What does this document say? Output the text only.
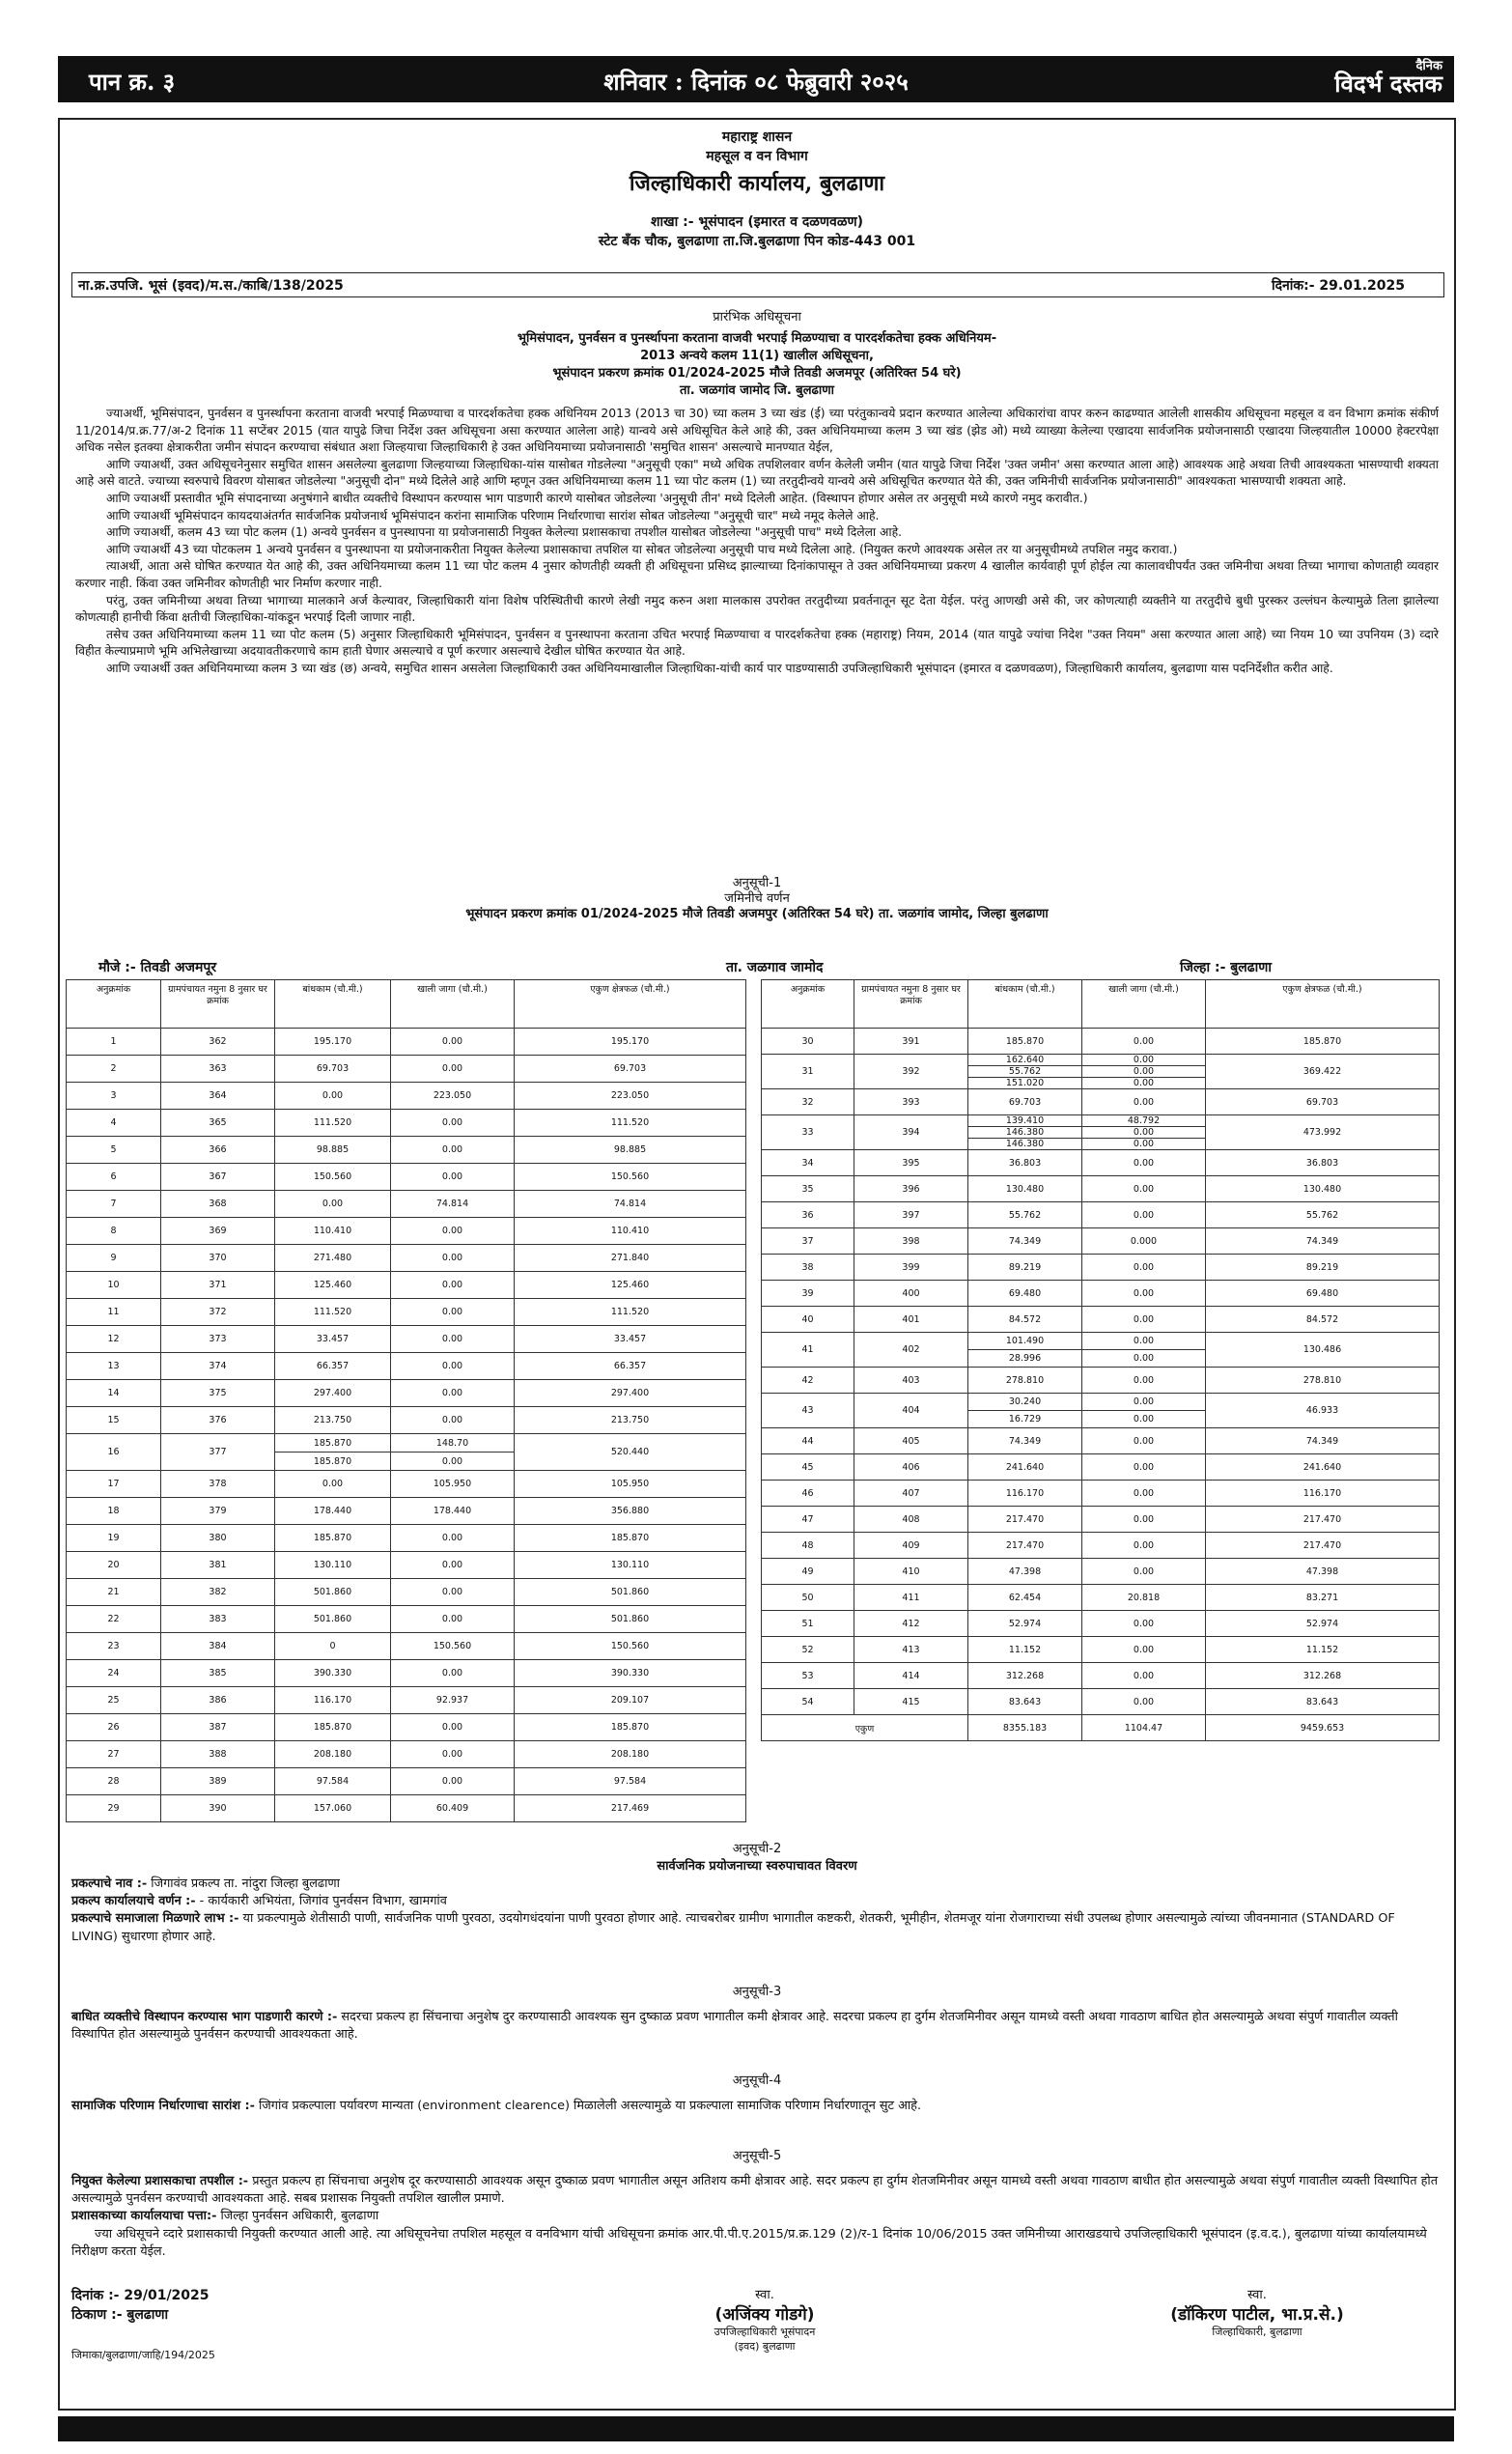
पान क्र. ३	शनिवार : दिनांक ०८ फेब्रुवारी २०२५
दैनिक
विदर्भ दस्तक
महाराष्ट्र शासन
महसूल व वन विभाग
जिल्हाधिकारी कार्यालय, बुलढाणा
शाखा :- भूसंपादन (इमारत व दळणवळण)
स्टेट बँक चौक, बुलढाणा ता.जि.बुलढाणा पिन कोड-443 001
ना.क्र.उपजि. भूसं (इवद)/म.स./काबि/138/2025	दिनांक:- 29.01.2025
प्रारंभिक अधिसूचना
भूमिसंपादन, पुनर्वसन व पुनर्स्थापना करताना वाजवी भरपाई मिळण्याचा व पारदर्शकतेचा हक्क अधिनियम-
2013 अन्वये कलम 11(1) खालील अधिसूचना,
भूसंपादन प्रकरण क्रमांक 01/2024-2025 मौजे तिवडी अजमपूर (अतिरिक्त 54 घरे)
ता. जळगांव जामोद जि. बुलढाणा

ज्याअर्थी, भूमिसंपादन, पुनर्वसन व पुनर्स्थापना करताना वाजवी भरपाई मिळण्याचा व पारदर्शकतेचा हक्क अधिनियम 2013 (2013 चा 30) च्या कलम 3 च्या खंड (ई) च्या परंतुकान्वये प्रदान करण्यात आलेल्या अधिकारांचा वापर करुन काढण्यात आलेली शासकीय अधिसूचना महसूल व वन विभाग क्रमांक संकीर्ण 11/2014/प्र.क्र.77/अ-2 दिनांक 11 सप्टेंबर 2015 (यात यापुढे जिचा निर्देश उक्त अधिसूचना असा करण्यात आलेला आहे) यान्वये असे अधिसूचित केले आहे की, उक्त अधिनियमाच्या कलम 3 च्या खंड (झेड ओ) मध्ये व्याख्या केलेल्या एखादया सार्वजनिक प्रयोजनासाठी एखादया जिल्हयातील 10000 हेक्टरपेक्षा अधिक नसेल इतक्या क्षेत्राकरीता जमीन संपादन करण्याचा संबंधात अशा जिल्हयाचा जिल्हाधिकारी हे उक्त अधिनियमाच्या प्रयोजनासाठी 'समुचित शासन' असल्याचे मानण्यात येईल,

आणि ज्याअर्थी, उक्त अधिसूचनेनुसार समुचित शासन असलेल्या बुलढाणा जिल्हयाच्या जिल्हाधिका-यांस यासोबत गोडलेल्या "अनुसूची एका" मध्ये अधिक तपशिलवार वर्णन केलेली जमीन (यात यापुढे जिचा निर्देश 'उक्त जमीन' असा करण्यात आला आहे) आवश्यक आहे अथवा तिची आवश्यकता भासण्याची शक्यता आहे असे वाटते. ज्याच्या स्वरुपाचे विवरण योसाबत जोडलेल्या "अनुसूची दोन" मध्ये दिलेले आहे आणि म्हणून उक्त अधिनियमाच्या कलम 11 च्या पोट कलम (1) च्या तरतुदीन्वये यान्वये असे अधिसूचित करण्यात येते की, उक्त जमिनीची सार्वजनिक प्रयोजनासाठी" आवश्यकता भासण्याची शक्यता आहे.

आणि ज्याअर्थी प्रस्तावीत भूमि संपादनाच्या अनुषंगाने बाधीत व्यक्तीचे विस्थापन करण्यास भाग पाडणारी कारणे यासोबत जोडलेल्या 'अनुसूची तीन' मध्ये दिलेली आहेत. (विस्थापन होणार असेल तर अनुसूची मध्ये कारणे नमुद करावीत.)

आणि ज्याअर्थी भूमिसंपादन कायदयाअंतर्गत सार्वजनिक प्रयोजनार्थ भूमिसंपादन करांना सामाजिक परिणाम निर्धारणाचा सारांश सोबत जोडलेल्या "अनुसूची चार" मध्ये नमूद केलेले आहे.

आणि ज्याअर्थी, कलम 43 च्या पोट कलम (1) अन्वये पुनर्वसन व पुनस्थापना या प्रयोजनासाठी नियुक्त केलेल्या प्रशासकाचा तपशील यासोबत जोडलेल्या "अनुसूची पाच" मध्ये दिलेला आहे.

आणि ज्याअर्थी 43 च्या पोटकलम 1 अन्वये पुनर्वसन व पुनस्थापना या प्रयोजनाकरीता नियुक्त केलेल्या प्रशासकाचा तपशिल या सोबत जोडलेल्या अनुसूची पाच मध्ये दिलेला आहे. (नियुक्त करणे आवश्यक असेल तर या अनुसूचीमध्ये तपशिल नमुद करावा.)

त्याअर्थी, आता असे घोषित करण्यात येत आहे की, उक्त अधिनियमाच्या कलम 11 च्या पोट कलम 4 नुसार कोणतीही व्यक्ती ही अधिसूचना प्रसिध्द झाल्याच्या दिनांकापासून ते उक्त अधिनियमाच्या प्रकरण 4 खालील कार्यवाही पूर्ण होईल त्या कालावधीपर्यंत उक्त जमिनीचा अथवा तिच्या भागाचा कोणताही व्यवहार करणार नाही. किंवा उक्त जमिनीवर कोणतीही भार निर्माण करणार नाही.

परंतु, उक्त जमिनीच्या अथवा तिच्या भागाच्या मालकाने अर्ज केल्यावर, जिल्हाधिकारी यांना विशेष परिस्थितीची कारणे लेखी नमुद करुन अशा मालकास उपरोक्त तरतुदीच्या प्रवर्तनातून सूट देता येईल. परंतु आणखी असे की, जर कोणत्याही व्यक्तीने या तरतुदीचे बुधी पुरस्कर उल्लंघन केल्यामुळे तिला झालेल्या कोणत्याही हानीची किंवा क्षतीची जिल्हाधिका-यांकडून भरपाई दिली जाणार नाही.

तसेच उक्त अधिनियमाच्या कलम 11 च्या पोट कलम (5) अनुसार जिल्हाधिकारी भूमिसंपादन, पुनर्वसन व पुनस्थापना करताना उचित भरपाई मिळण्याचा व पारदर्शकतेचा हक्क (महाराष्ट्र) नियम, 2014 (यात यापुढे ज्यांचा निदेश "उक्त नियम" असा करण्यात आला आहे) च्या नियम 10 च्या उपनियम (3) व्दारे विहीत केल्याप्रमाणे भूमि अभिलेखाच्या अदयावतीकरणाचे काम हाती घेणार असल्याचे व पूर्ण करणार असल्याचे देखील घोषित करण्यात येत आहे.

आणि ज्याअर्थी उक्त अधिनियमाच्या कलम 3 च्या खंड (छ) अन्वये, समुचित शासन असलेला जिल्हाधिकारी उक्त अधिनियमाखालील जिल्हाधिका-यांची कार्य पार पाडण्यासाठी उपजिल्हाधिकारी भूसंपादन (इमारत व दळणवळण), जिल्हाधिकारी कार्यालय, बुलढाणा यास पदनिर्देशीत करीत आहे.

अनुसूची-1
जमिनीचे वर्णन
भूसंपादन प्रकरण क्रमांक 01/2024-2025 मौजे तिवडी अजमपुर (अतिरिक्त 54 घरे) ता. जळगांव जामोद, जिल्हा बुलढाणा
मौजे :- तिवडी अजमपूर	ता. जळगाव जामोद	जिल्हा :- बुलढाणा
अनुक्रमांक	ग्रामपंचायत नमुना 8 नुसार घर क्रमांक	बांधकाम (चौ.मी.)	खाली जागा (चौ.मी.)	एकुण क्षेत्रफळ (चौ.मी.)
1	362	195.170	0.00	195.170
2	363	69.703	0.00	69.703
3	364	0.00	223.050	223.050
4	365	111.520	0.00	111.520
5	366	98.885	0.00	98.885
6	367	150.560	0.00	150.560
7	368	0.00	74.814	74.814
8	369	110.410	0.00	110.410
9	370	271.480	0.00	271.840
10	371	125.460	0.00	125.460
11	372	111.520	0.00	111.520
12	373	33.457	0.00	33.457
13	374	66.357	0.00	66.357
14	375	297.400	0.00	297.400
15	376	213.750	0.00	213.750
16	377	185.870	148.70	520.440
		185.870	0.00	
17	378	0.00	105.950	105.950
18	379	178.440	178.440	356.880
19	380	185.870	0.00	185.870
20	381	130.110	0.00	130.110
21	382	501.860	0.00	501.860
22	383	501.860	0.00	501.860
23	384	0	150.560	150.560
24	385	390.330	0.00	390.330
25	386	116.170	92.937	209.107
26	387	185.870	0.00	185.870
27	388	208.180	0.00	208.180
28	389	97.584	0.00	97.584
29	390	157.060	60.409	217.469
अनुक्रमांक	ग्रामपंचायत नमुना 8 नुसार घर क्रमांक	बांधकाम (चौ.मी.)	खाली जागा (चौ.मी.)	एकुण क्षेत्रफळ (चौ.मी.)
30	391	185.870	0.00	185.870
31	392	162.640	0.00	369.422
		55.762	0.00	
		151.020	0.00	
32	393	69.703	0.00	69.703
33	394	139.410	48.792	473.992
		146.380	0.00	
		146.380	0.00	
34	395	36.803	0.00	36.803
35	396	130.480	0.00	130.480
36	397	55.762	0.00	55.762
37	398	74.349	0.000	74.349
38	399	89.219	0.00	89.219
39	400	69.480	0.00	69.480
40	401	84.572	0.00	84.572
41	402	101.490	0.00	130.486
		28.996	0.00	
42	403	278.810	0.00	278.810
43	404	30.240	0.00	46.933
		16.729	0.00	
44	405	74.349	0.00	74.349
45	406	241.640	0.00	241.640
46	407	116.170	0.00	116.170
47	408	217.470	0.00	217.470
48	409	217.470	0.00	217.470
49	410	47.398	0.00	47.398
50	411	62.454	20.818	83.271
51	412	52.974	0.00	52.974
52	413	11.152	0.00	11.152
53	414	312.268	0.00	312.268
54	415	83.643	0.00	83.643
एकुण		8355.183	1104.47	9459.653
अनुसूची-2
सार्वजनिक प्रयोजनाच्या स्वरुपाचावत विवरण

प्रकल्पाचे नाव :- जिगावंव प्रकल्प ता. नांदुरा जिल्हा बुलढाणा

प्रकल्प कार्यालयाचे वर्णन :- - कार्यकारी अभियंता, जिगांव पुनर्वसन विभाग, खामगांव

प्रकल्पाचे समाजाला मिळणारे लाभ :- या प्रकल्पामुळे शेतीसाठी पाणी, सार्वजनिक पाणी पुरवठा, उदयोगधंदयांना पाणी पुरवठा होणार आहे. त्याचबरोबर ग्रामीण भागातील कष्टकरी, शेतकरी, भूमीहीन, शेतमजूर यांना रोजगाराच्या संधी उपलब्ध होणार असल्यामुळे त्यांच्या जीवनमानात (STANDARD OF LIVING) सुधारणा होणार आहे.

अनुसूची-3

बाधित व्यक्तीचे विस्थापन करण्यास भाग पाडणारी कारणे :- सदरचा प्रकल्प हा सिंचनाचा अनुशेष दुर करण्यासाठी आवश्यक सुन दुष्काळ प्रवण भागातील कमी क्षेत्रावर आहे. सदरचा प्रकल्प हा दुर्गम शेतजमिनीवर असून यामध्ये वस्ती अथवा गावठाण बाधित होत असल्यामुळे अथवा संपुर्ण गावातील व्यक्ती विस्थापित होत असल्यामुळे पुनर्वसन करण्याची आवश्यकता आहे.

अनुसूची-4

सामाजिक परिणाम निर्धारणाचा सारांश :- जिगांव प्रकल्पाला पर्यावरण मान्यता (environment clearence) मिळालेली असल्यामुळे या प्रकल्पाला सामाजिक परिणाम निर्धारणातून सुट आहे.

अनुसूची-5

नियुक्त केलेल्या प्रशासकाचा तपशील :- प्रस्तुत प्रकल्प हा सिंचनाचा अनुशेष दूर करण्यासाठी आवश्यक असून दुष्काळ प्रवण भागातील असून अतिशय कमी क्षेत्रावर आहे. सदर प्रकल्प हा दुर्गम शेतजमिनीवर असून यामध्ये वस्ती अथवा गावठाण बाधीत होत असल्यामुळे अथवा संपुर्ण गावातील व्यक्ती विस्थापित होत असल्यामुळे पुनर्वसन करण्याची आवश्यकता आहे. सबब प्रशासक नियुक्ती तपशिल खालील प्रमाणे.

प्रशासकाच्या कार्यालयाचा पत्ता:- जिल्हा पुनर्वसन अधिकारी, बुलढाणा

ज्या अधिसूचने व्दारे प्रशासकाची नियुक्ती करण्यात आली आहे. त्या अधिसूचनेचा तपशिल महसूल व वनविभाग यांची अधिसूचना क्रमांक आर.पी.पी.ए.2015/प्र.क्र.129 (2)/र-1 दिनांक 10/06/2015 उक्त जमिनीच्या आराखडयाचे उपजिल्हाधिकारी भूसंपादन (इ.व.द.), बुलढाणा यांच्या कार्यालयामध्ये निरीक्षण करता येईल.

दिनांक :- 29/01/2025
ठिकाण :- बुलढाणा
जिमाका/बुलढाणा/जाहि/194/2025
स्वा.
(अजिंक्य गोडगे)
उपजिल्हाधिकारी भूसंपादन
(इवद) बुलढाणा
स्वा.
(डॉकिरण पाटील, भा.प्र.से.)
जिल्हाधिकारी, बुलढाणा
